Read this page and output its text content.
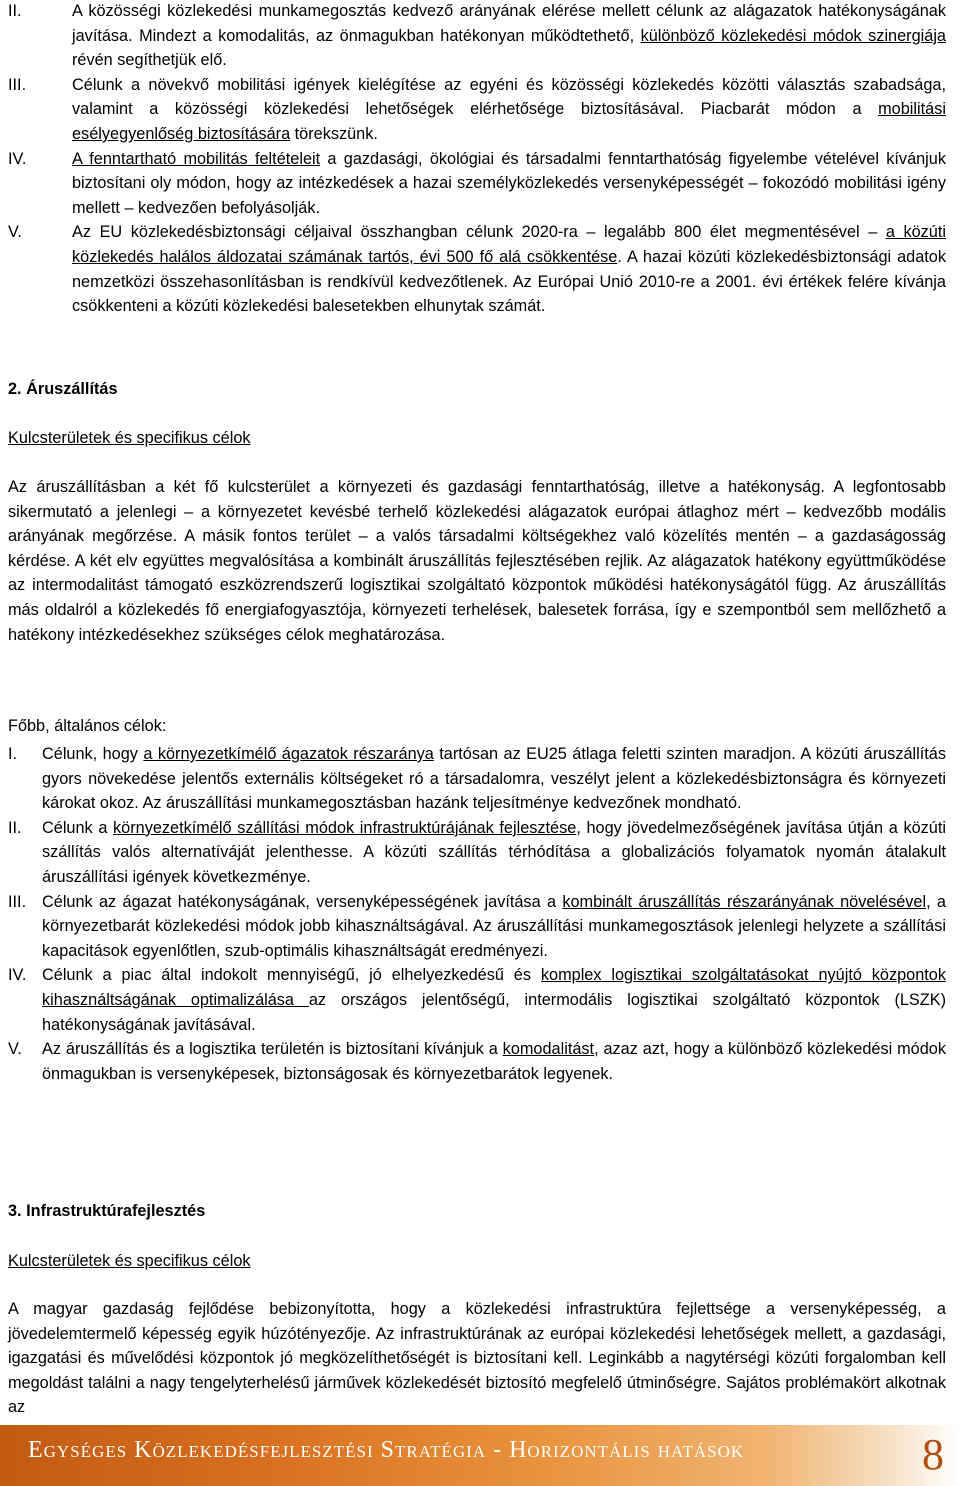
II.	A közösségi közlekedési munkamegosztás kedvező arányának elérése mellett célunk az alágazatok hatékonyságának javítása. Mindezt a komodalitás, az önmagukban hatékonyan működtethető, különböző közlekedési módok szinergiája révén segíthetjük elő.
III.	Célunk a növekvő mobilitási igények kielégítése az egyéni és közösségi közlekedés közötti választás szabadsága, valamint a közösségi közlekedési lehetőségek elérhetősége biztosításával. Piacbarát módon a mobilitási esélyegyenlőség biztosítására törekszünk.
IV.	A fenntartható mobilitás feltételeit a gazdasági, ökológiai és társadalmi fenntarthatóság figyelembe vételével kívánjuk biztosítani oly módon, hogy az intézkedések a hazai személyközlekedés versenyképességét – fokozódó mobilitási igény mellett – kedvezően befolyásolják.
V.	Az EU közlekedésbiztonsági céljaival összhangban célunk 2020-ra – legalább 800 élet megmentésével – a közúti közlekedés halálos áldozatai számának tartós, évi 500 fő alá csökkentése. A hazai közúti közlekedésbiztonsági adatok nemzetközi összehasonlításban is rendkívül kedvezőtlenek. Az Európai Unió 2010-re a 2001. évi értékek felére kívánja csökkenteni a közúti közlekedési balesetekben elhunytak számát.
2. Áruszállítás
Kulcsterületek és specifikus célok

Az áruszállításban a két fő kulcsterület a környezeti és gazdasági fenntarthatóság, illetve a hatékonyság. A legfontosabb sikermutató a jelenlegi – a környezetet kevésbé terhelő közlekedési alágazatok európai átlaghoz mért – kedvezőbb modális arányának megőrzése. A másik fontos terület – a valós társadalmi költségekhez való közelítés mentén – a gazdaságosság kérdése. A két elv együttes megvalósítása a kombinált áruszállítás fejlesztésében rejlik. Az alágazatok hatékony együttműködése az intermodalitást támogató eszközrendszerű logisztikai szolgáltató központok működési hatékonyságától függ. Az áruszállítás más oldalról a közlekedés fő energiafogyasztója, környezeti terhelések, balesetek forrása, így e szempontból sem mellőzhető a hatékony intézkedésekhez szükséges célok meghatározása.

Főbb, általános célok:
I.	Célunk, hogy a környezetkímélő ágazatok részaránya tartósan az EU25 átlaga feletti szinten maradjon. A közúti áruszállítás gyors növekedése jelentős externális költségeket ró a társadalomra, veszélyt jelent a közlekedésbiztonságra és környezeti károkat okoz. Az áruszállítási munkamegosztásban hazánk teljesítménye kedvezőnek mondható.
II.	Célunk a környezetkímélő szállítási módok infrastruktúrájának fejlesztése, hogy jövedelmezőségének javítása útján a közúti szállítás valós alternatíváját jelenthesse. A közúti szállítás térhódítása a globalizációs folyamatok nyomán átalakult áruszállítási igények következménye.
III. Célunk az ágazat hatékonyságának, versenyképességének javítása a kombinált áruszállítás részarányának növelésével, a környezetbarát közlekedési módok jobb kihasználtságával. Az áruszállítási munkamegosztások jelenlegi helyzete a szállítási kapacitások egyenlőtlen, szub-optimális kihasználtságát eredményezi.
IV. Célunk a piac által indokolt mennyiségű, jó elhelyezkedésű és komplex logisztikai szolgáltatásokat nyújtó központok kihasználtságának optimalizálása az országos jelentőségű, intermodális logisztikai szolgáltató központok (LSZK) hatékonyságának javításával.
V.	Az áruszállítás és a logisztika területén is biztosítani kívánjuk a komodalitást, azaz azt, hogy a különböző közlekedési módok önmagukban is versenyképesek, biztonságosak és környezetbarátok legyenek.
3. Infrastruktúrafejlesztés
Kulcsterületek és specifikus célok

A magyar gazdaság fejlődése bebizonyította, hogy a közlekedési infrastruktúra fejlettsége a versenyképesség, a jövedelemtermelő képesség egyik húzótényezője. Az infrastruktúrának az európai közlekedési lehetőségek mellett, a gazdasági, igazgatási és művelődési központok jó megközelíthetőségét is biztosítani kell. Leginkább a nagytérségi közúti forgalomban kell megoldást találni a nagy tengelyterhelésű járművek közlekedését biztosító megfelelő útminőségre. Sajátos problémakört alkotnak az

Egységes Közlekedésfejlesztési Stratégia - Horizontális hatások	8
